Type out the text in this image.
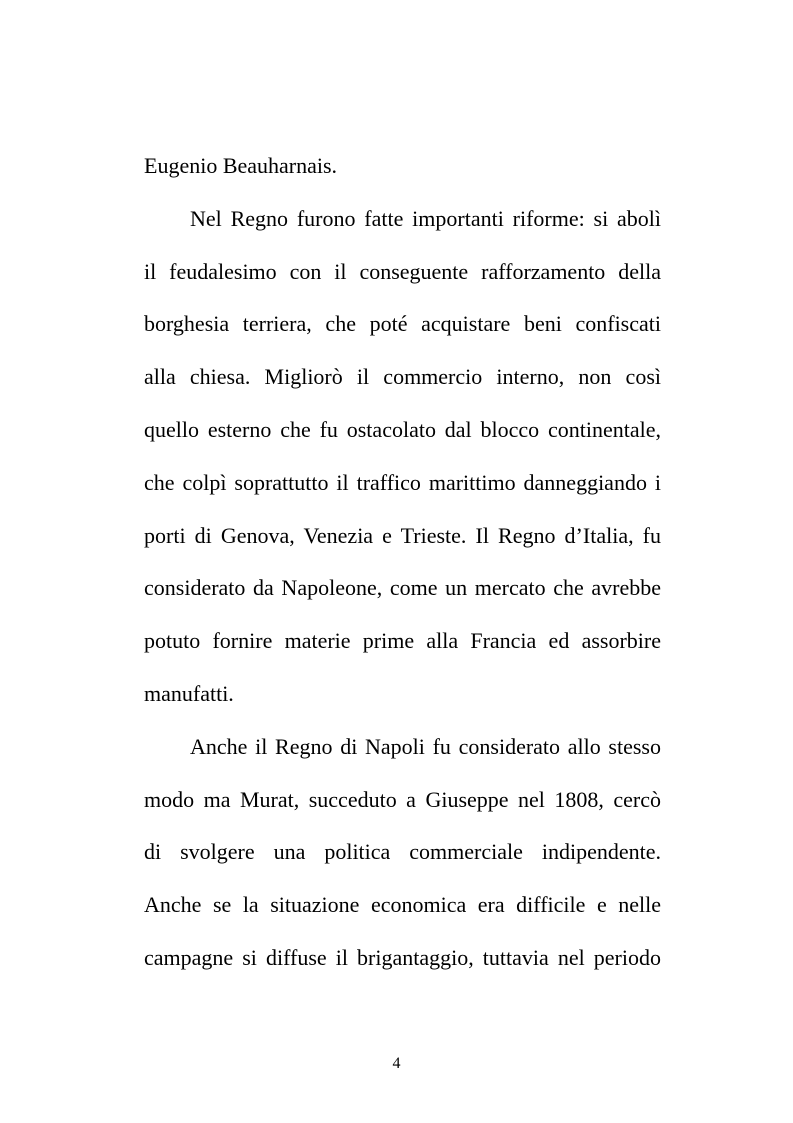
Eugenio Beauharnais.
Nel Regno furono fatte importanti riforme: si abolì
il feudalesimo con il conseguente rafforzamento della
borghesia terriera, che poté acquistare beni confiscati
alla chiesa. Migliorò il commercio interno, non così
quello esterno che fu ostacolato dal blocco continentale,
che colpì soprattutto il traffico marittimo danneggiando i
porti di Genova, Venezia e Trieste. Il Regno d’Italia, fu
considerato da Napoleone, come un mercato che avrebbe
potuto fornire materie prime alla Francia ed assorbire
manufatti.
Anche il Regno di Napoli fu considerato allo stesso
modo ma Murat, succeduto a Giuseppe nel 1808, cercò
di svolgere una politica commerciale indipendente.
Anche se la situazione economica era difficile e nelle
campagne si diffuse il brigantaggio, tuttavia nel periodo
4
